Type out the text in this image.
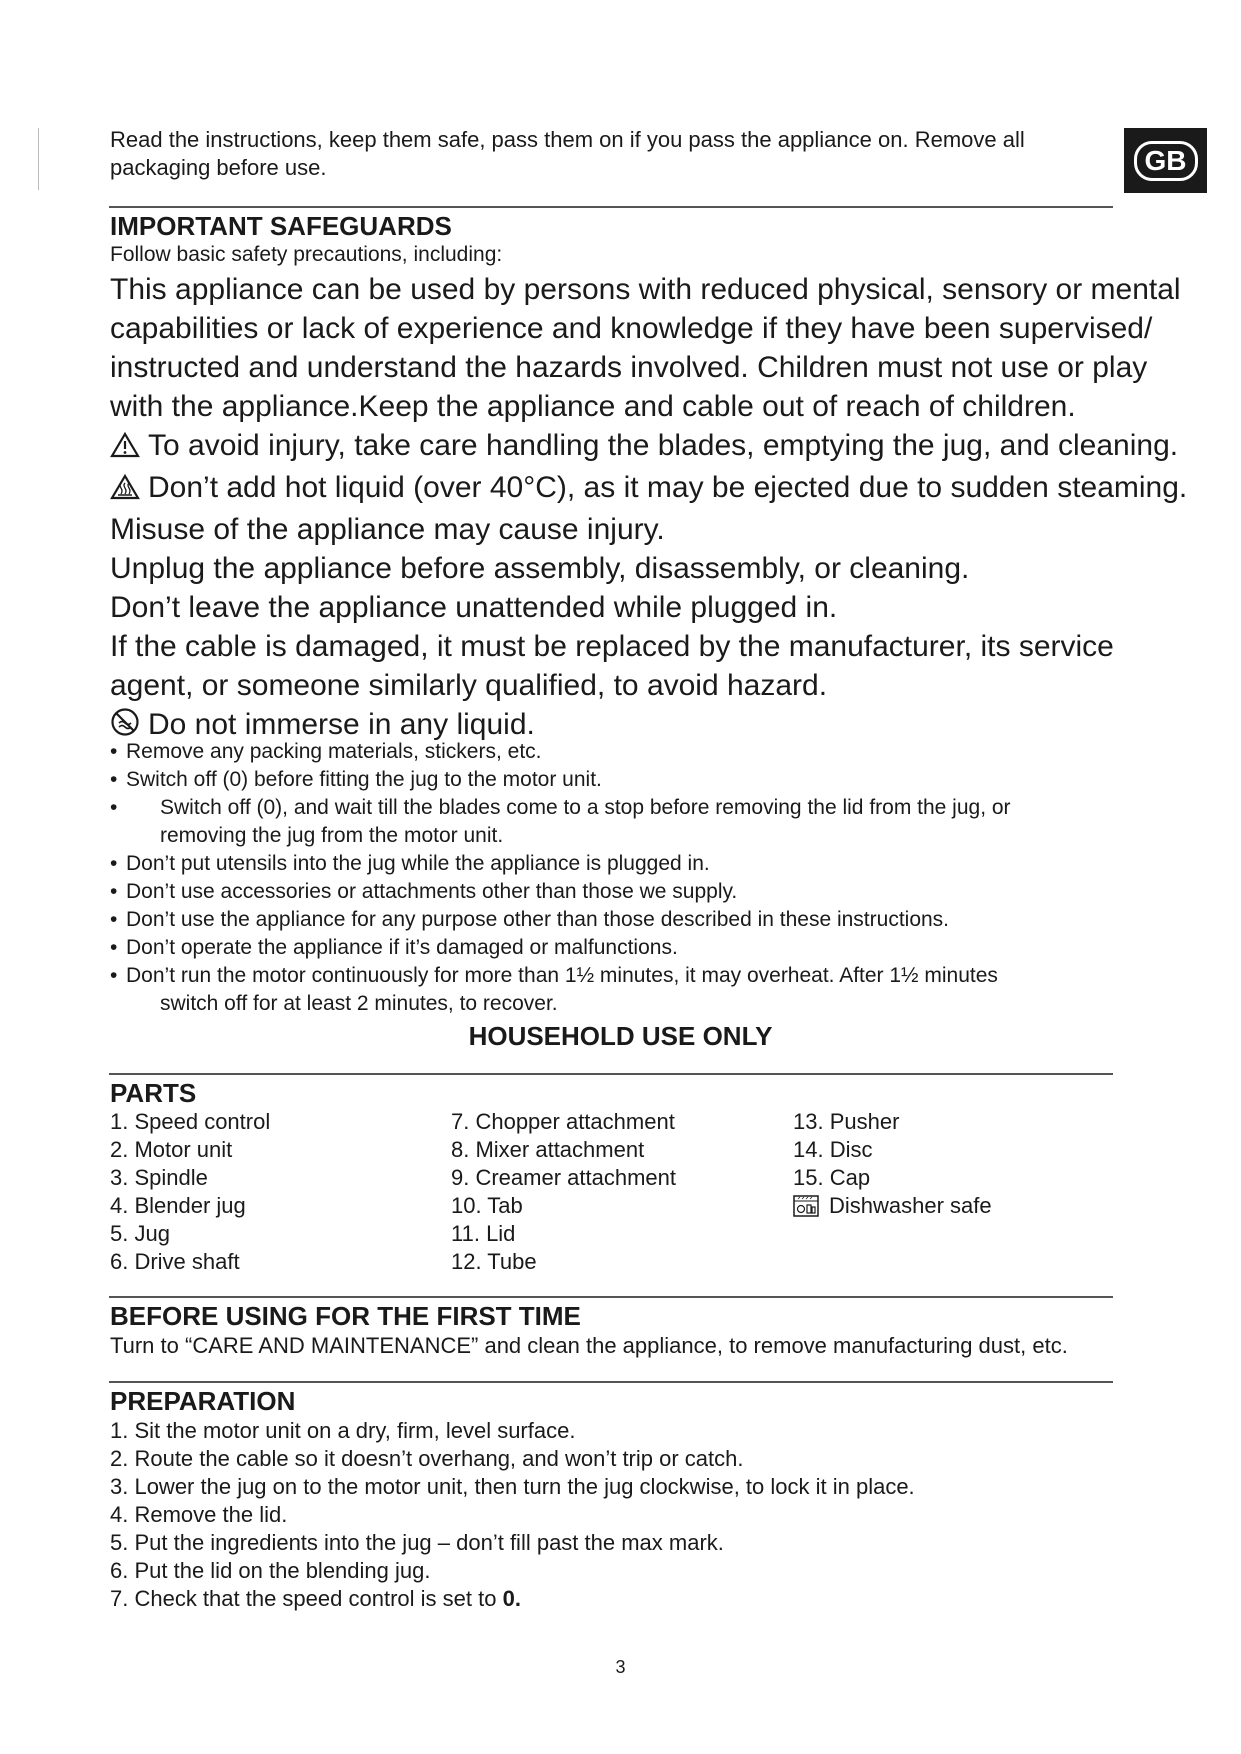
Read the instructions, keep them safe, pass them on if you pass the appliance on. Remove all packaging before use.	GB
IMPORTANT SAFEGUARDS
Follow basic safety precautions, including:

This appliance can be used by persons with reduced physical, sensory or mental

capabilities or lack of experience and knowledge if they have been supervised/

instructed and understand the hazards involved. Children must not use or play

with the appliance.Keep the appliance and cable out of reach of children.

To avoid injury, take care handling the blades, emptying the jug, and cleaning.

Don’t add hot liquid (over 40°C), as it may be ejected due to sudden steaming.

Misuse of the appliance may cause injury.

Unplug the appliance before assembly, disassembly, or cleaning.

Don’t leave the appliance unattended while plugged in.

If the cable is damaged, it must be replaced by the manufacturer, its service

agent, or someone similarly qualified, to avoid hazard.

Do not immerse in any liquid.

• Remove any packing materials, stickers, etc.
• Switch off (0) before fitting the jug to the motor unit.
• Switch off (0), and wait till the blades come to a stop before removing the lid from the jug, or
removing the jug from the motor unit.
• Don’t put utensils into the jug while the appliance is plugged in.
• Don’t use accessories or attachments other than those we supply.
• Don’t use the appliance for any purpose other than those described in these instructions.
• Don’t operate the appliance if it’s damaged or malfunctions.
• Don’t run the motor continuously for more than 1½ minutes, it may overheat. After 1½ minutes
switch off for at least 2 minutes, to recover.
HOUSEHOLD USE ONLY
PARTS
1. Speed control
2. Motor unit
3. Spindle
4. Blender jug
5. Jug
6. Drive shaft
7. Chopper attachment
8. Mixer attachment
9. Creamer attachment
10. Tab
11. Lid
12. Tube
13. Pusher
14. Disc
15. Cap
Dishwasher safe
BEFORE USING FOR THE FIRST TIME
Turn to “CARE AND MAINTENANCE” and clean the appliance, to remove manufacturing dust, etc.
PREPARATION
1. Sit the motor unit on a dry, firm, level surface.
2. Route the cable so it doesn’t overhang, and won’t trip or catch.
3. Lower the jug on to the motor unit, then turn the jug clockwise, to lock it in place.
4. Remove the lid.
5. Put the ingredients into the jug – don’t fill past the max mark.
6. Put the lid on the blending jug.
7. Check that the speed control is set to 0.
3
